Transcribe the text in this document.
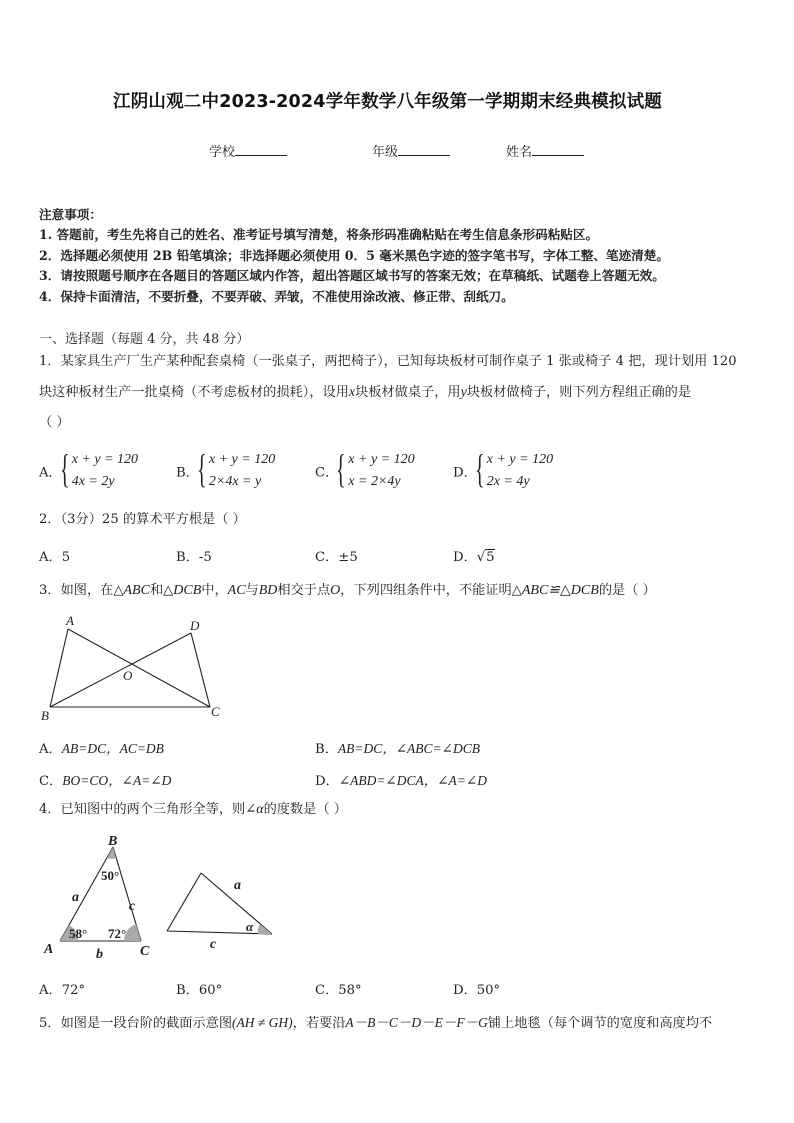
江阴山观二中2023-2024学年数学八年级第一学期期末经典模拟试题
学校	年级	姓名
注意事项：
1. 答题前，考生先将自己的姓名、准考证号填写清楚，将条形码准确粘贴在考生信息条形码粘贴区。
2．选择题必须使用 2B 铅笔填涂；非选择题必须使用 0．5 毫米黑色字迹的签字笔书写，字体工整、笔迹清楚。
3．请按照题号顺序在各题目的答题区域内作答，超出答题区域书写的答案无效；在草稿纸、试题卷上答题无效。
4．保持卡面清洁，不要折叠，不要弄破、弄皱，不准使用涂改液、修正带、刮纸刀。
一、选择题（每题 4 分，共 48 分）
1．某家具生产厂生产某种配套桌椅（一张桌子，两把椅子），已知每块板材可制作桌子 1 张或椅子 4 把，现计划用 120
块这种板材生产一批桌椅（不考虑板材的损耗），设用x块板材做桌子，用y块板材做椅子，则下列方程组正确的是
（ ）
A．
{ x + y = 120
4x = 2y
B．
{ x + y = 120
2×4x = y
C．
{ x + y = 120
x = 2×4y
D．
{ x + y = 120
2x = 4y
2．（3分）25 的算术平方根是（ ）
A．5	B．-5	C．±5	D．√5
3．如图，在△ABC和△DCB中，AC与BD相交于点O，下列四组条件中，不能证明△ABC≌△DCB的是（ ）
A	D
O
B	C
A．AB=DC，AC=DB	B．AB=DC，∠ABC=∠DCB
C．BO=CO，∠A=∠D	D．∠ABD=∠DCA，∠A=∠D
4．已知图中的两个三角形全等，则∠α的度数是（ ）
B
50°
a
c
58° 72°
A	C
b
a
α
c
A．72°	B．60°	C．58°	D．50°
5．如图是一段台阶的截面示意图(AH ≠ GH)，若要沿A－B－C－D－E－F－G铺上地毯（每个调节的宽度和高度均不
